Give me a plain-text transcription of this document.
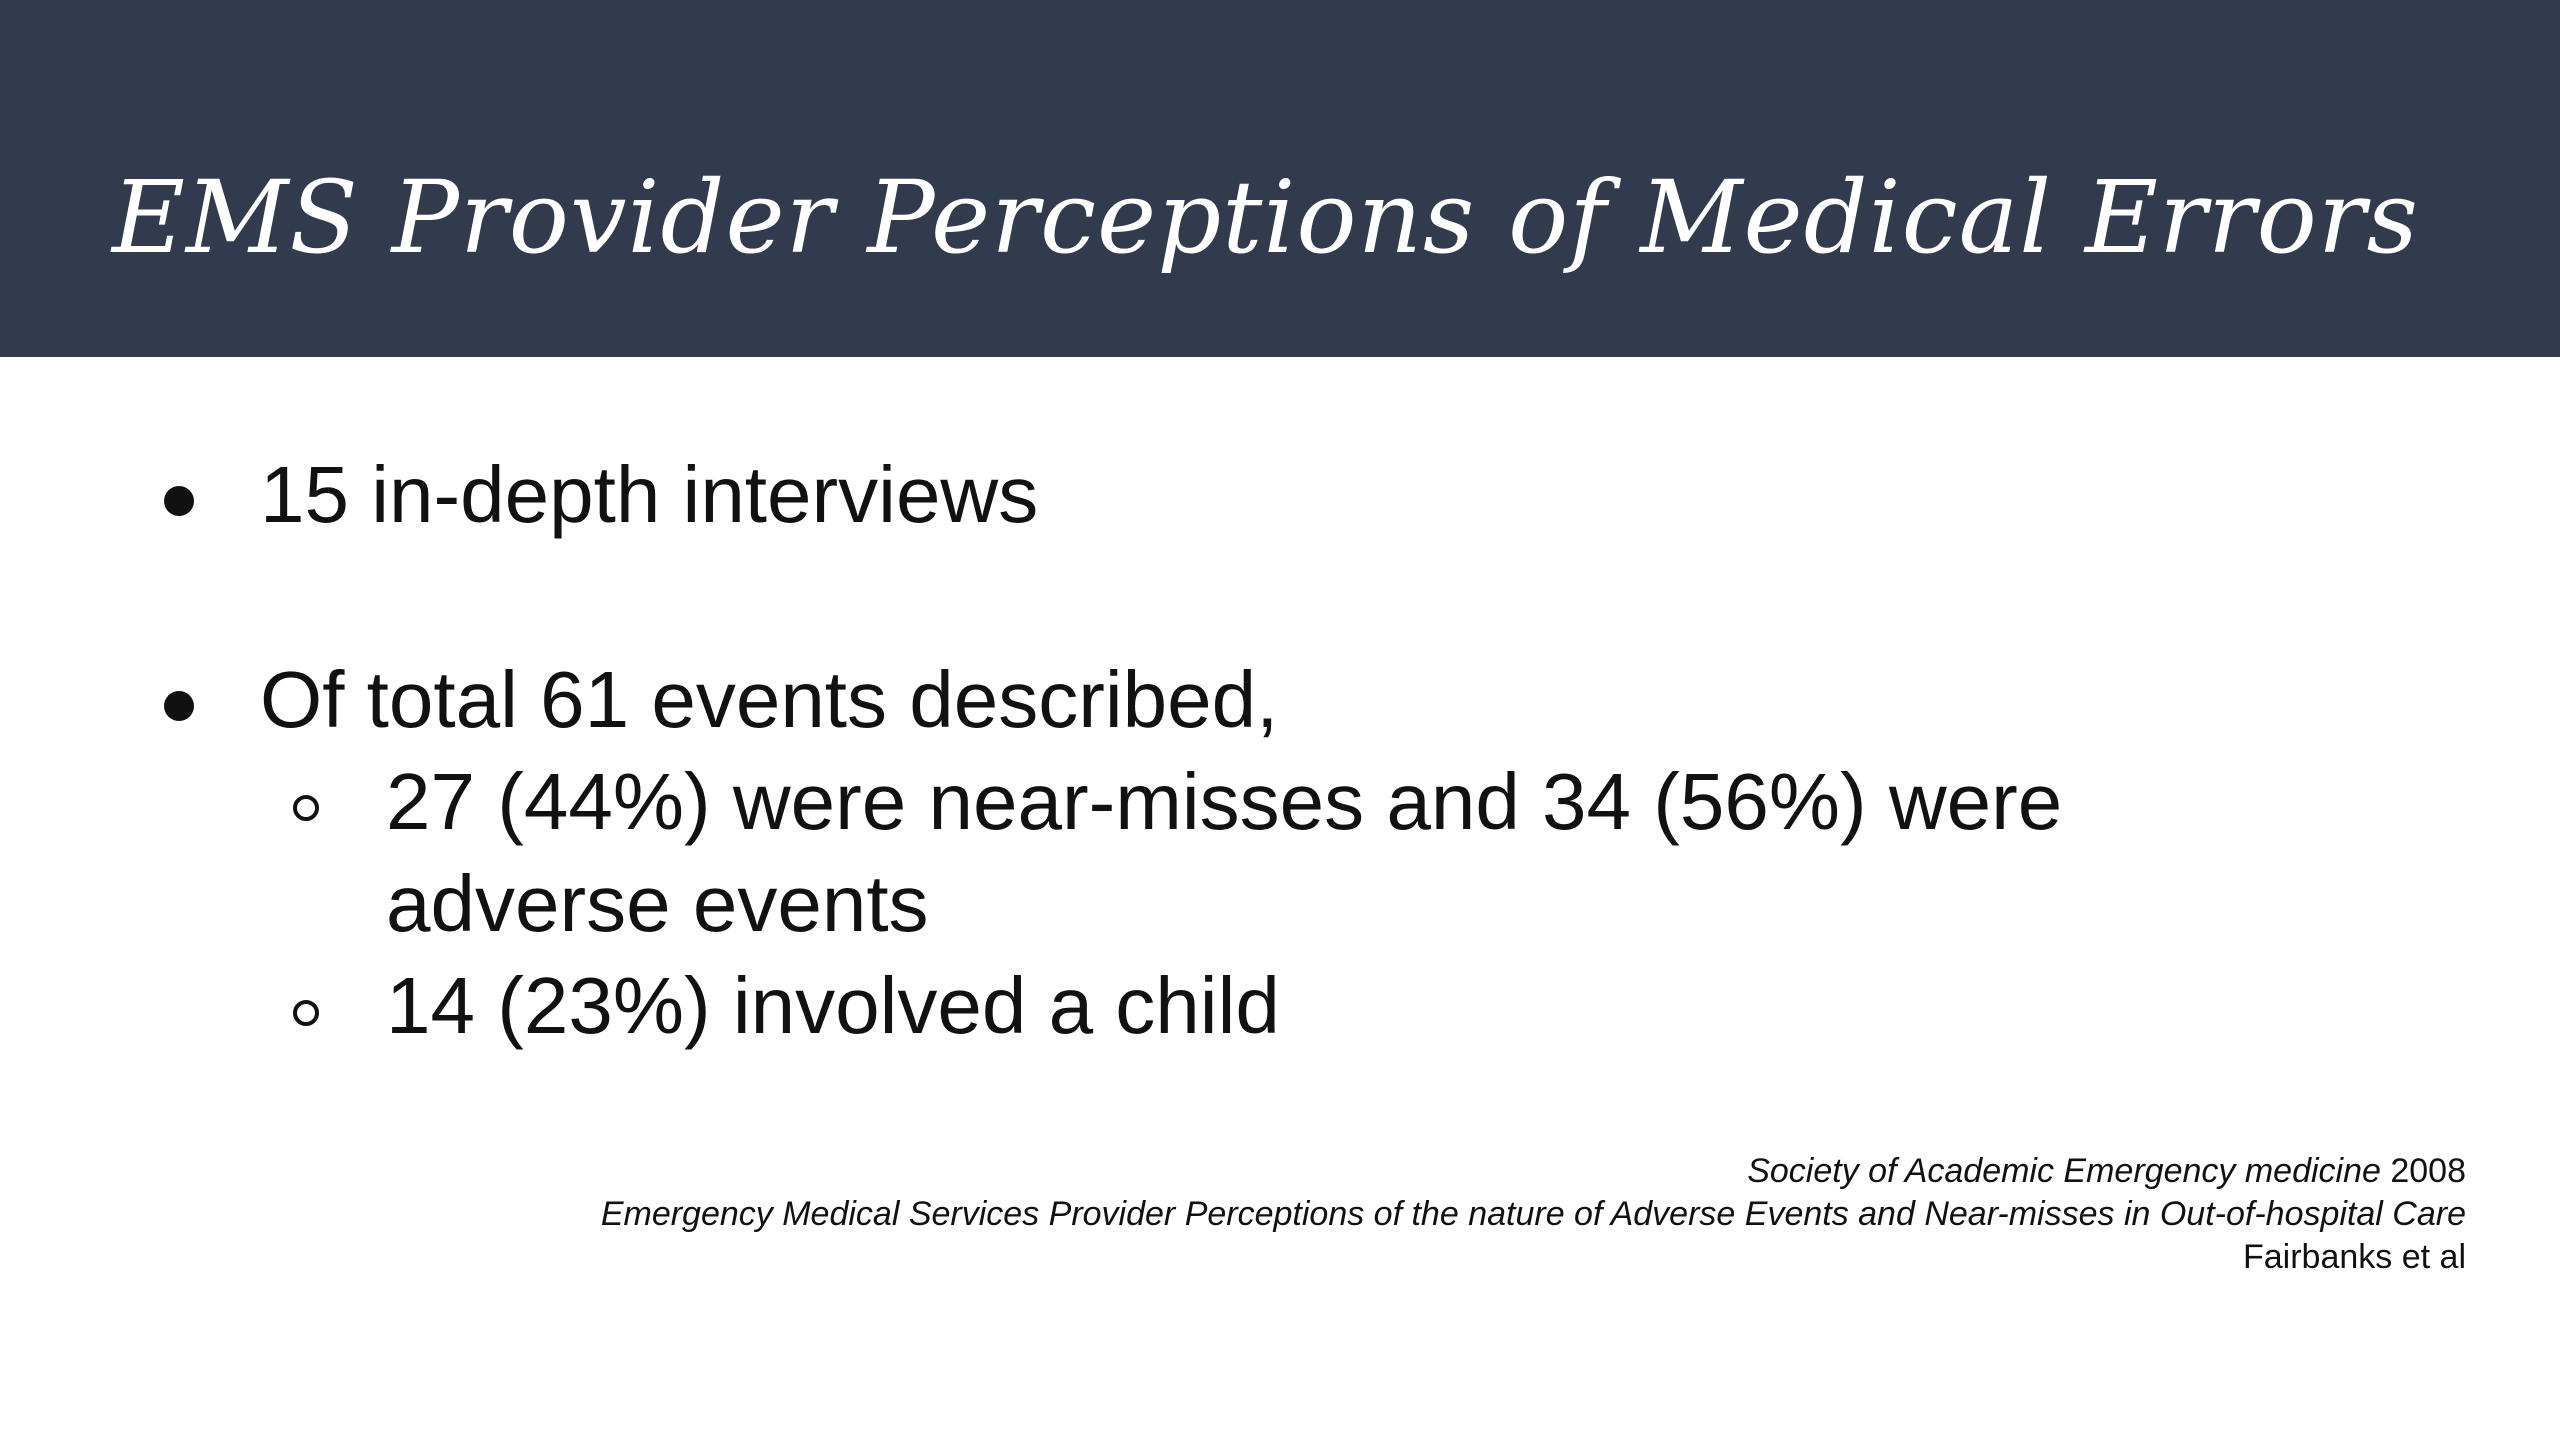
EMS Provider Perceptions of Medical Errors
15 in-depth interviews
Of total 61 events described,
27 (44%) were near-misses and 34 (56%) were
adverse events
14 (23%) involved a child
Society of Academic Emergency medicine 2008
Emergency Medical Services Provider Perceptions of the nature of Adverse Events and Near-misses in Out-of-hospital Care
Fairbanks et al
